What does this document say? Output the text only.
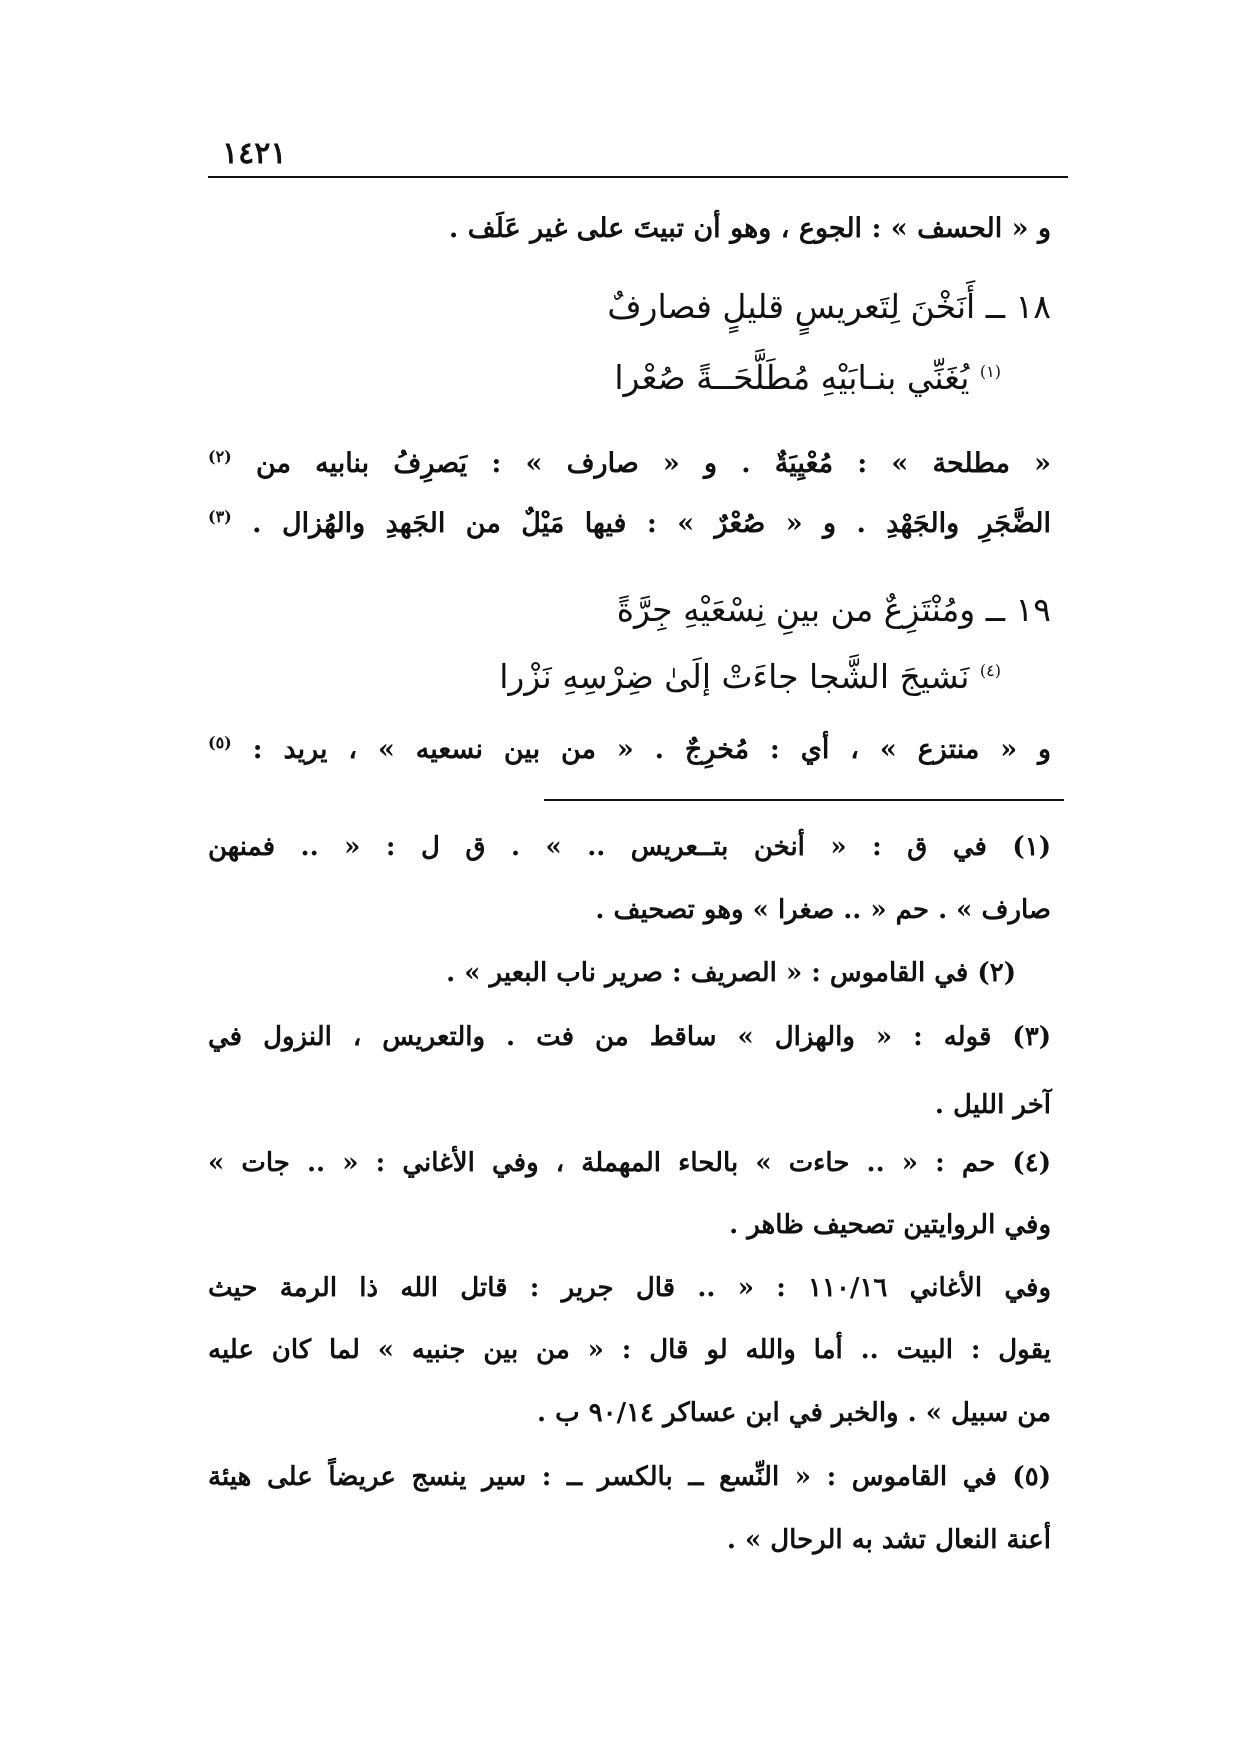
١٤٢١
و « الحسف » : الجوع ، وهو أن تبيتَ على غير عَلَف .
١٨ ــ أَنَخْنَ لِتَعريسٍ قليلٍ فصارفٌ
$^{(١)}$ يُغَنِّي بنـابَيْهِ مُطَلَّحَــةً صُعْرا
« مطلحة » : مُعْيِيَةٌ . و « صارف » : يَصرِفُ بنابيه من $^{(٢)}$
الضَّجَرِ والجَهْدِ . و « صُعْرٌ » : فيها مَيْلٌ من الجَهدِ والهُزال . $^{(٣)}$
١٩ ــ ومُنْتَزِعٌ من بينِ نِسْعَيْهِ جِرَّةً
$^{(٤)}$ نَشيجَ الشَّجا جاءَتْ إلَىٰ ضِرْسِهِ نَزْرا
و « منتزع » ، أي : مُخرِجٌ . « من بين نسعيه » ، يريد : $^{(٥)}$
(١) في ق : « أنخن بتــعريس .. » . ق ل : « .. فمنهن
صارف » . حم « .. صغرا » وهو تصحيف .
(٢) في القاموس : « الصريف : صرير ناب البعير » .
(٣) قوله : « والهزال » ساقط من فت . والتعريس ، النزول في
آخر الليل .
(٤) حم : « .. حاءت » بالحاء المهملة ، وفي الأغاني : « .. جات »
وفي الروايتين تصحيف ظاهر .
وفي الأغاني ١١٠/١٦ : « .. قال جرير : قاتل الله ذا الرمة حيث
يقول : البيت .. أما والله لو قال : « من بين جنبيه » لما كان عليه
من سبيل » . والخبر في ابن عساكر ٩٠/١٤ ب .
(٥) في القاموس : « النِّسع ــ بالكسر ــ : سير ينسج عريضاً على هيئة
أعنة النعال تشد به الرحال » .
